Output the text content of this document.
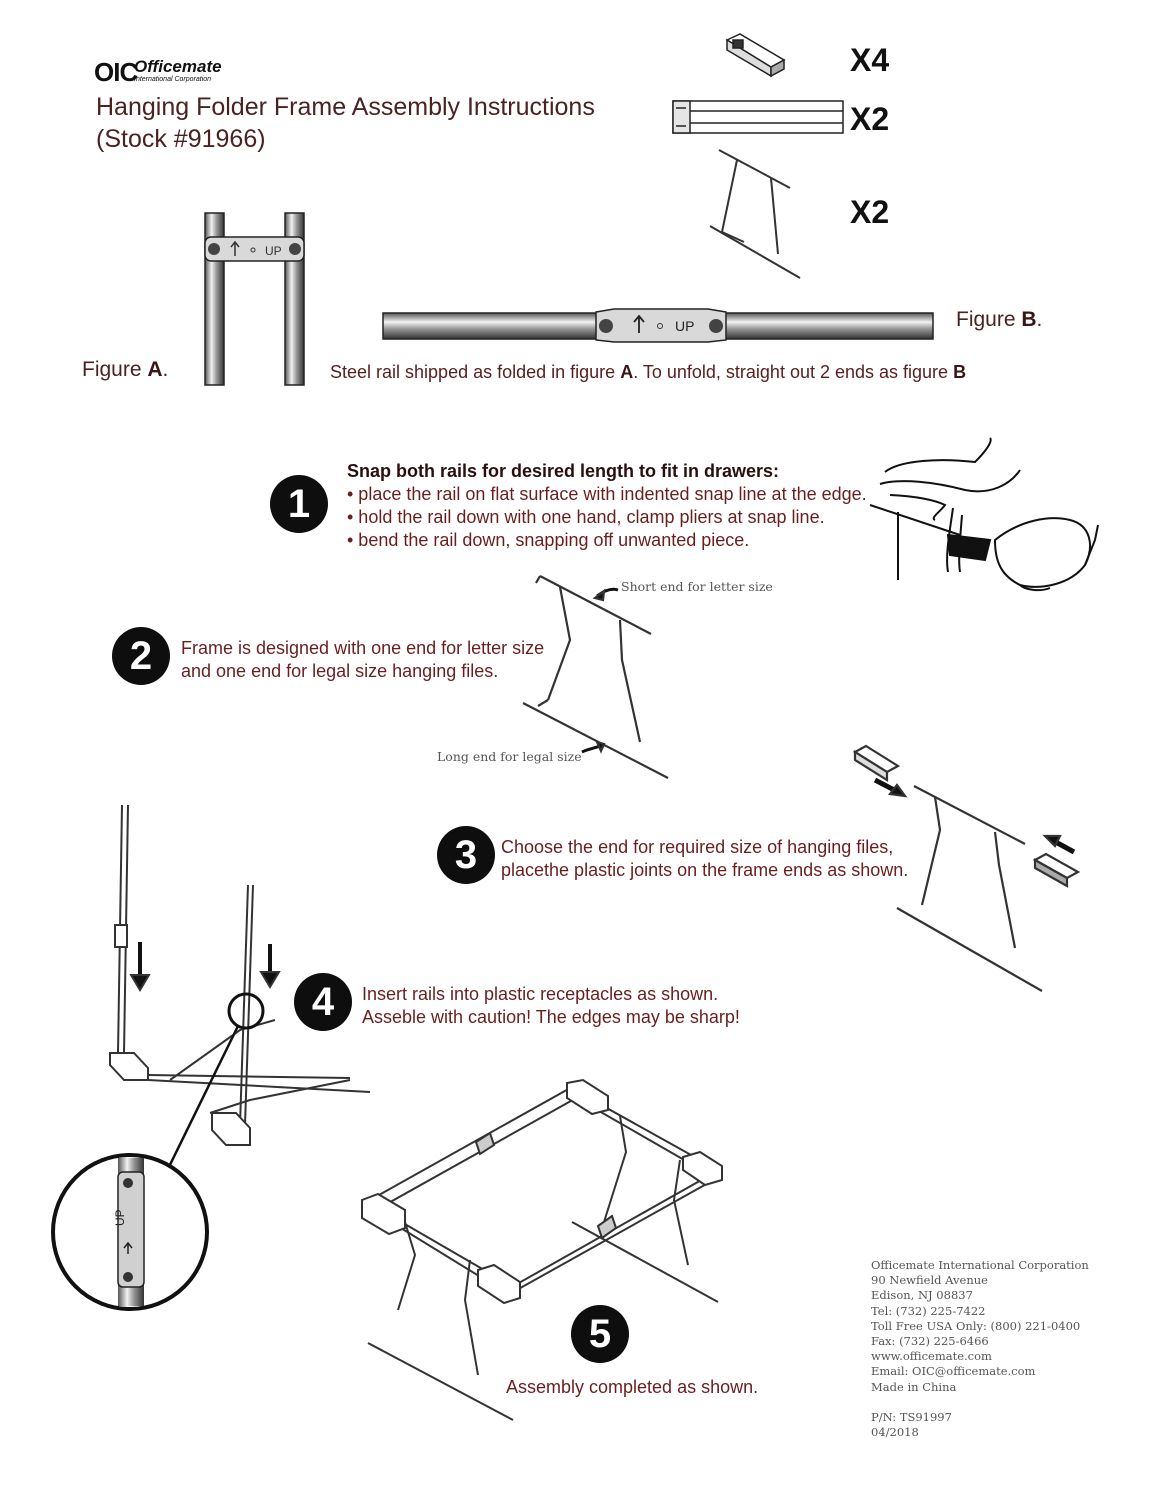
UP
UP
UP
OIC
Officemate
International Corporation
Hanging Folder Frame Assembly Instructions
(Stock #91966)
X4
X2
X2
Figure A.
Figure B.
Steel rail shipped as folded in figure A. To unfold, straight out 2 ends as figure B
1
Snap both rails for desired length to fit in drawers:
• place the rail on flat surface with indented snap line at the edge.
• hold the rail down with one hand, clamp pliers at snap line.
• bend the rail down, snapping off unwanted piece.
2	Frame is designed with one end for letter size
and one end for legal size hanging files.
Short end for letter size
Long end for legal size
3	Choose the end for required size of hanging files,
placethe plastic joints on the frame ends as shown.
4	Insert rails into plastic receptacles as shown.
Asseble with caution! The edges may be sharp!
5
Assembly completed as shown.
Officemate International Corporation
90 Newfield Avenue
Edison, NJ 08837
Tel: (732) 225-7422
Toll Free USA Only: (800) 221-0400
Fax: (732) 225-6466
www.officemate.com
Email: OIC@officemate.com
Made in China
P/N: TS91997
04/2018
